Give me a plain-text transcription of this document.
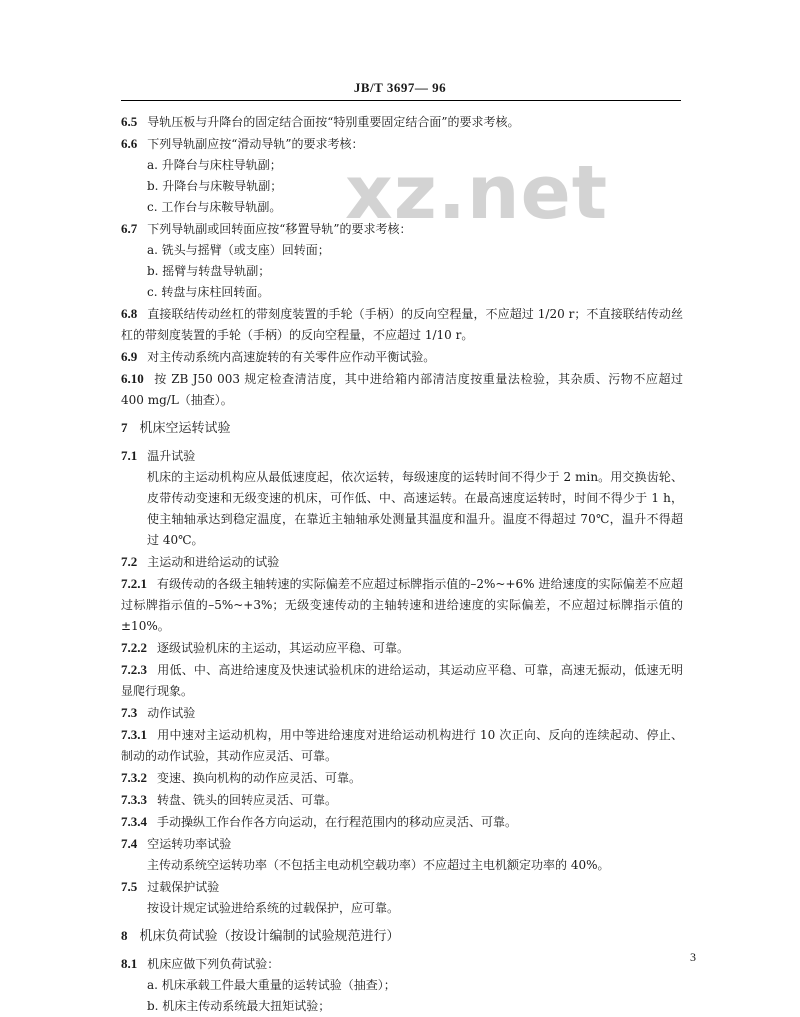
JB/T 3697— 96
xz.net
6.5 导轨压板与升降台的固定结合面按“特别重要固定结合面”的要求考核。
6.6 下列导轨副应按“滑动导轨”的要求考核：
a. 升降台与床柱导轨副；
b. 升降台与床鞍导轨副；
c. 工作台与床鞍导轨副。
6.7 下列导轨副或回转面应按“移置导轨”的要求考核：
a. 铣头与摇臂（或支座）回转面；
b. 摇臂与转盘导轨副；
c. 转盘与床柱回转面。
6.8 直接联结传动丝杠的带刻度装置的手轮（手柄）的反向空程量，不应超过 1/20 r；不直接联结传动丝杠的带刻度装置的手轮（手柄）的反向空程量，不应超过 1/10 r。
6.9 对主传动系统内高速旋转的有关零件应作动平衡试验。
6.10 按 ZB J50 003 规定检查清洁度，其中进给箱内部清洁度按重量法检验，其杂质、污物不应超过 400 mg/L（抽查）。
7 机床空运转试验
7.1 温升试验
机床的主运动机构应从最低速度起，依次运转，每级速度的运转时间不得少于 2 min。用交换齿轮、皮带传动变速和无级变速的机床，可作低、中、高速运转。在最高速度运转时，时间不得少于 1 h，使主轴轴承达到稳定温度，在靠近主轴轴承处测量其温度和温升。温度不得超过 70℃，温升不得超过 40℃。
7.2 主运动和进给运动的试验
7.2.1 有级传动的各级主轴转速的实际偏差不应超过标牌指示值的–2%~+6% 进给速度的实际偏差不应超过标牌指示值的–5%~+3%；无级变速传动的主轴转速和进给速度的实际偏差，不应超过标牌指示值的±10%。
7.2.2 逐级试验机床的主运动，其运动应平稳、可靠。
7.2.3 用低、中、高进给速度及快速试验机床的进给运动，其运动应平稳、可靠，高速无振动，低速无明显爬行现象。
7.3 动作试验
7.3.1 用中速对主运动机构，用中等进给速度对进给运动机构进行 10 次正向、反向的连续起动、停止、制动的动作试验，其动作应灵活、可靠。
7.3.2 变速、换向机构的动作应灵活、可靠。
7.3.3 转盘、铣头的回转应灵活、可靠。
7.3.4 手动操纵工作台作各方向运动，在行程范围内的移动应灵活、可靠。
7.4 空运转功率试验
主传动系统空运转功率（不包括主电动机空载功率）不应超过主电机额定功率的 40%。
7.5 过载保护试验
按设计规定试验进给系统的过载保护，应可靠。
8 机床负荷试验（按设计编制的试验规范进行）
8.1 机床应做下列负荷试验：
a. 机床承载工件最大重量的运转试验（抽查）；
b. 机床主传动系统最大扭矩试验；
3
